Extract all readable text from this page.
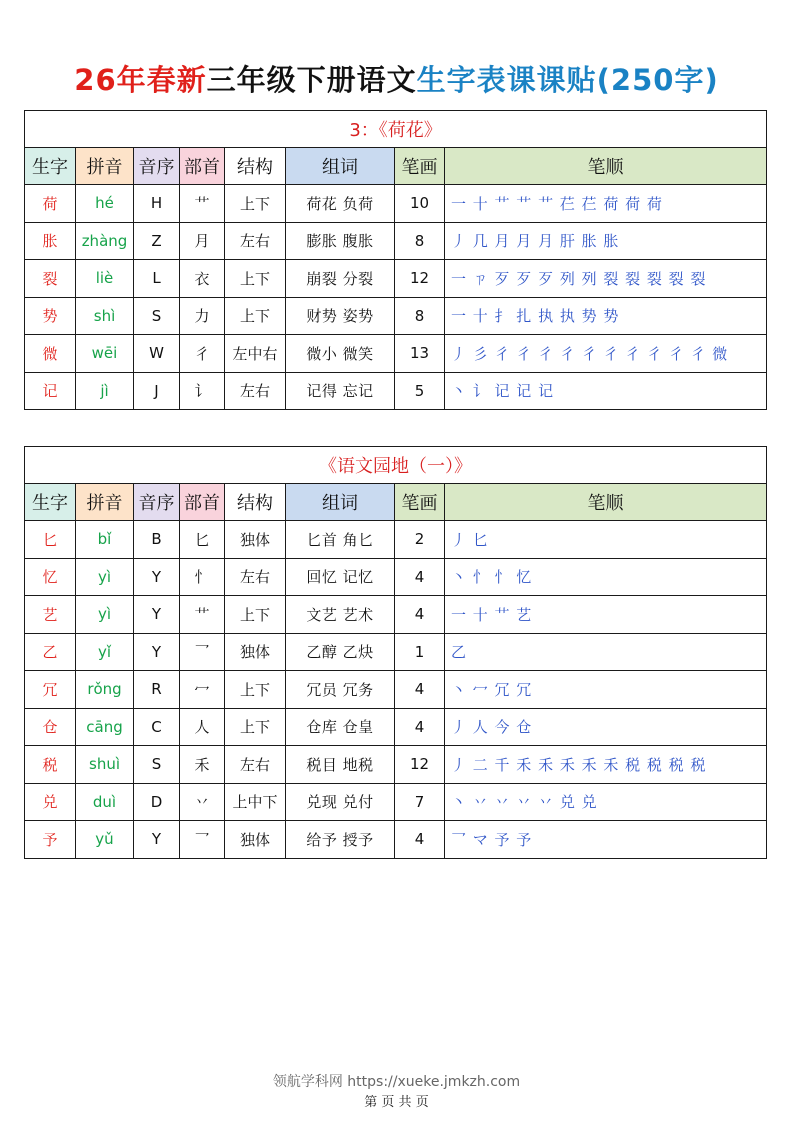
26年春新三年级下册语文生字表课课贴(250字)
3：《荷花》							
生字	拼音	音序	部首	结构	组词	笔画	笔顺
荷	hé	H	艹	上下	荷花 负荷	10	一 十 艹 艹 艹 芢 芢 荷 荷 荷
胀	zhàng	Z	月	左右	膨胀 腹胀	8	丿 几 月 月 月 肝 胀 胀
裂	liè	L	衣	上下	崩裂 分裂	12	一 ㄗ 歹 歹 歹 列 列 裂 裂 裂 裂 裂
势	shì	S	力	上下	财势 姿势	8	一 十 扌 扎 执 执 势 势
微	wēi	W	彳	左中右	微小 微笑	13	丿 彡 彳 彳 彳 彳 彳 彳 彳 彳 彳 彳 微
记	jì	J	讠	左右	记得 忘记	5	丶 讠 记 记 记
《语文园地（一）》							
生字	拼音	音序	部首	结构	组词	笔画	笔顺
匕	bǐ	B	匕	独体	匕首 角匕	2	丿 匕
忆	yì	Y	忄	左右	回忆 记忆	4	丶 忄 忄 忆
艺	yì	Y	艹	上下	文艺 艺术	4	一 十 艹 艺
乙	yǐ	Y	乛	独体	乙醇 乙炔	1	乙
冗	rǒng	R	冖	上下	冗员 冗务	4	丶 冖 冗 冗
仓	cāng	C	人	上下	仓库 仓皇	4	丿 人 今 仓
税	shuì	S	禾	左右	税目 地税	12	丿 二 千 禾 禾 禾 禾 禾 税 税 税 税
兑	duì	D	丷	上中下	兑现 兑付	7	丶 丷 丷 丷 丷 兑 兑
予	yǔ	Y	乛	独体	给予 授予	4	乛 マ 予 予
领航学科网 https://xueke.jmkzh.com
第 页 共 页
